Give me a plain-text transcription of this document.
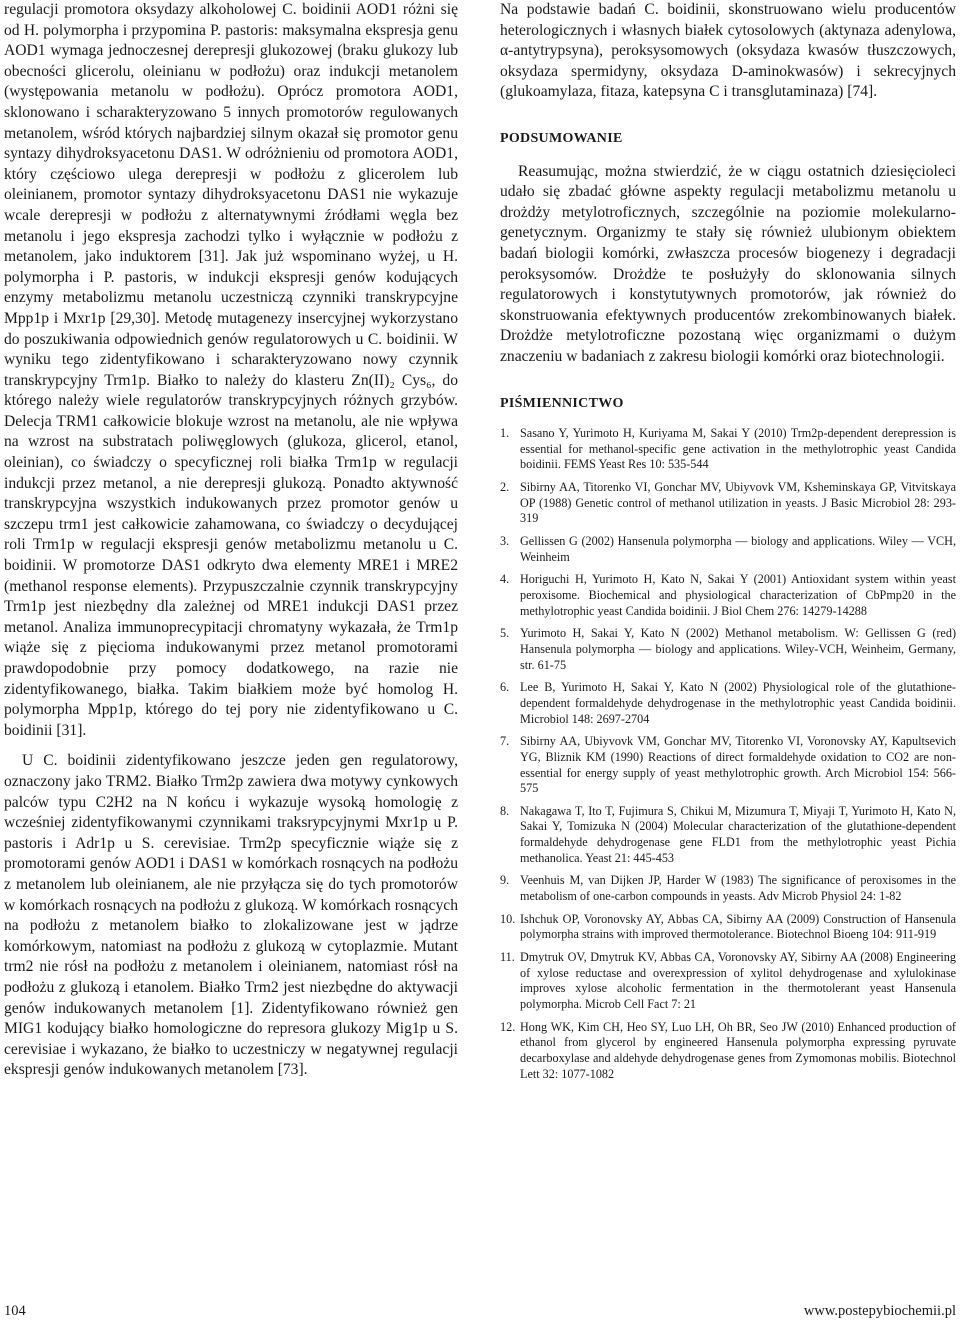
regulacji promotora oksydazy alkoholowej C. boidinii AOD1 różni się od H. polymorpha i przypomina P. pastoris: maksymalna ekspresja genu AOD1 wymaga jednoczesnej derepresji glukozowej (braku glukozy lub obecności glicerolu, oleinianu w podłożu) oraz indukcji metanolem (występowania metanolu w podłożu). Oprócz promotora AOD1, sklonowano i scharakteryzowano 5 innych promotorów regulowanych metanolem, wśród których najbardziej silnym okazał się promotor genu syntazy dihydroksyacetonu DAS1. W odróżnieniu od promotora AOD1, który częściowo ulega derepresji w podłożu z glicerolem lub oleinianem, promotor syntazy dihydroksyacetonu DAS1 nie wykazuje wcale derepresji w podłożu z alternatywnymi źródłami węgla bez metanolu i jego ekspresja zachodzi tylko i wyłącznie w podłożu z metanolem, jako induktorem [31]. Jak już wspominano wyżej, u H. polymorpha i P. pastoris, w indukcji ekspresji genów kodujących enzymy metabolizmu metanolu uczestniczą czynniki transkrypcyjne Mpp1p i Mxr1p [29,30]. Metodę mutagenezy insercyjnej wykorzystano do poszukiwania odpowiednich genów regulatorowych u C. boidinii. W wyniku tego zidentyfikowano i scharakteryzowano nowy czynnik transkrypcyjny Trm1p. Białko to należy do klasteru Zn(II)₂ Cys₆, do którego należy wiele regulatorów transkrypcyjnych różnych grzybów. Delecja TRM1 całkowicie blokuje wzrost na metanolu, ale nie wpływa na wzrost na substratach poliwęglowych (glukoza, glicerol, etanol, oleinian), co świadczy o specyficznej roli białka Trm1p w regulacji indukcji przez metanol, a nie derepresji glukozą. Ponadto aktywność transkrypcyjna wszystkich indukowanych przez promotor genów u szczepu trm1 jest całkowicie zahamowana, co świadczy o decydującej roli Trm1p w regulacji ekspresji genów metabolizmu metanolu u C. boidinii. W promotorze DAS1 odkryto dwa elementy MRE1 i MRE2 (methanol response elements). Przypuszczalnie czynnik transkrypcyjny Trm1p jest niezbędny dla zależnej od MRE1 indukcji DAS1 przez metanol. Analiza immunoprecypitacji chromatyny wykazała, że Trm1p wiąże się z pięcioma indukowanymi przez metanol promotorami prawdopodobnie przy pomocy dodatkowego, na razie nie zidentyfikowanego, białka. Takim białkiem może być homolog H. polymorpha Mpp1p, którego do tej pory nie zidentyfikowano u C. boidinii [31].

U C. boidinii zidentyfikowano jeszcze jeden gen regulatorowy, oznaczony jako TRM2. Białko Trm2p zawiera dwa motywy cynkowych palców typu C2H2 na N końcu i wykazuje wysoką homologię z wcześniej zidentyfikowanymi czynnikami traksrypcyjnymi Mxr1p u P. pastoris i Adr1p u S. cerevisiae. Trm2p specyficznie wiąże się z promotorami genów AOD1 i DAS1 w komórkach rosnących na podłożu z metanolem lub oleinianem, ale nie przyłącza się do tych promotorów w komórkach rosnących na podłożu z glukozą. W komórkach rosnących na podłożu z metanolem białko to zlokalizowane jest w jądrze komórkowym, natomiast na podłożu z glukozą w cytoplazmie. Mutant trm2 nie rósł na podłożu z metanolem i oleinianem, natomiast rósł na podłożu z glukozą i etanolem. Białko Trm2 jest niezbędne do aktywacji genów indukowanych metanolem [1]. Zidentyfikowano również gen MIG1 kodujący białko homologiczne do represora glukozy Mig1p u S. cerevisiae i wykazano, że białko to uczestniczy w negatywnej regulacji ekspresji genów indukowanych metanolem [73].

Na podstawie badań C. boidinii, skonstruowano wielu producentów heterologicznych i własnych białek cytosolowych (aktynaza adenylowa, α-antytrypsyna), peroksysomowych (oksydaza kwasów tłuszczowych, oksydaza spermidyny, oksydaza D-aminokwasów) i sekrecyjnych (glukoamylaza, fitaza, katepsyna C i transglutaminaza) [74].

PODSUMOWANIE

Reasumując, można stwierdzić, że w ciągu ostatnich dziesięcioleci udało się zbadać główne aspekty regulacji metabolizmu metanolu u drożdży metylotroficznych, szczególnie na poziomie molekularno-genetycznym. Organizmy te stały się również ulubionym obiektem badań biologii komórki, zwłaszcza procesów biogenezy i degradacji peroksysomów. Drożdże te posłużyły do sklonowania silnych regulatorowych i konstytutywnych promotorów, jak również do skonstruowania efektywnych producentów zrekombinowanych białek. Drożdże metylotroficzne pozostaną więc organizmami o dużym znaczeniu w badaniach z zakresu biologii komórki oraz biotechnologii.

PIŚMIENNICTWO
1. Sasano Y, Yurimoto H, Kuriyama M, Sakai Y (2010) Trm2p-dependent derepression is essential for methanol-specific gene activation in the methylotrophic yeast Candida boidinii. FEMS Yeast Res 10: 535-544
2. Sibirny AA, Titorenko VI, Gonchar MV, Ubiyvovk VM, Ksheminskaya GP, Vitvitskaya OP (1988) Genetic control of methanol utilization in yeasts. J Basic Microbiol 28: 293-319
3. Gellissen G (2002) Hansenula polymorpha — biology and applications. Wiley — VCH, Weinheim
4. Horiguchi H, Yurimoto H, Kato N, Sakai Y (2001) Antioxidant system within yeast peroxisome. Biochemical and physiological characterization of CbPmp20 in the methylotrophic yeast Candida boidinii. J Biol Chem 276: 14279-14288
5. Yurimoto H, Sakai Y, Kato N (2002) Methanol metabolism. W: Gellissen G (red) Hansenula polymorpha — biology and applications. Wiley-VCH, Weinheim, Germany, str. 61-75
6. Lee B, Yurimoto H, Sakai Y, Kato N (2002) Physiological role of the glutathione-dependent formaldehyde dehydrogenase in the methylotrophic yeast Candida boidinii. Microbiol 148: 2697-2704
7. Sibirny AA, Ubiyvovk VM, Gonchar MV, Titorenko VI, Voronovsky AY, Kapultsevich YG, Bliznik KM (1990) Reactions of direct formaldehyde oxidation to CO2 are non-essential for energy supply of yeast methylotrophic growth. Arch Microbiol 154: 566-575
8. Nakagawa T, Ito T, Fujimura S, Chikui M, Mizumura T, Miyaji T, Yurimoto H, Kato N, Sakai Y, Tomizuka N (2004) Molecular characterization of the glutathione-dependent formaldehyde dehydrogenase gene FLD1 from the methylotrophic yeast Pichia methanolica. Yeast 21: 445-453
9. Veenhuis M, van Dijken JP, Harder W (1983) The significance of peroxisomes in the metabolism of one-carbon compounds in yeasts. Adv Microb Physiol 24: 1-82
10. Ishchuk OP, Voronovsky AY, Abbas CA, Sibirny AA (2009) Construction of Hansenula polymorpha strains with improved thermotolerance. Biotechnol Bioeng 104: 911-919
11. Dmytruk OV, Dmytruk KV, Abbas CA, Voronovsky AY, Sibirny AA (2008) Engineering of xylose reductase and overexpression of xylitol dehydrogenase and xylulokinase improves xylose alcoholic fermentation in the thermotolerant yeast Hansenula polymorpha. Microb Cell Fact 7: 21
12. Hong WK, Kim CH, Heo SY, Luo LH, Oh BR, Seo JW (2010) Enhanced production of ethanol from glycerol by engineered Hansenula polymorpha expressing pyruvate decarboxylase and aldehyde dehydrogenase genes from Zymomonas mobilis. Biotechnol Lett 32: 1077-1082
104	www.postepybiochemii.pl
